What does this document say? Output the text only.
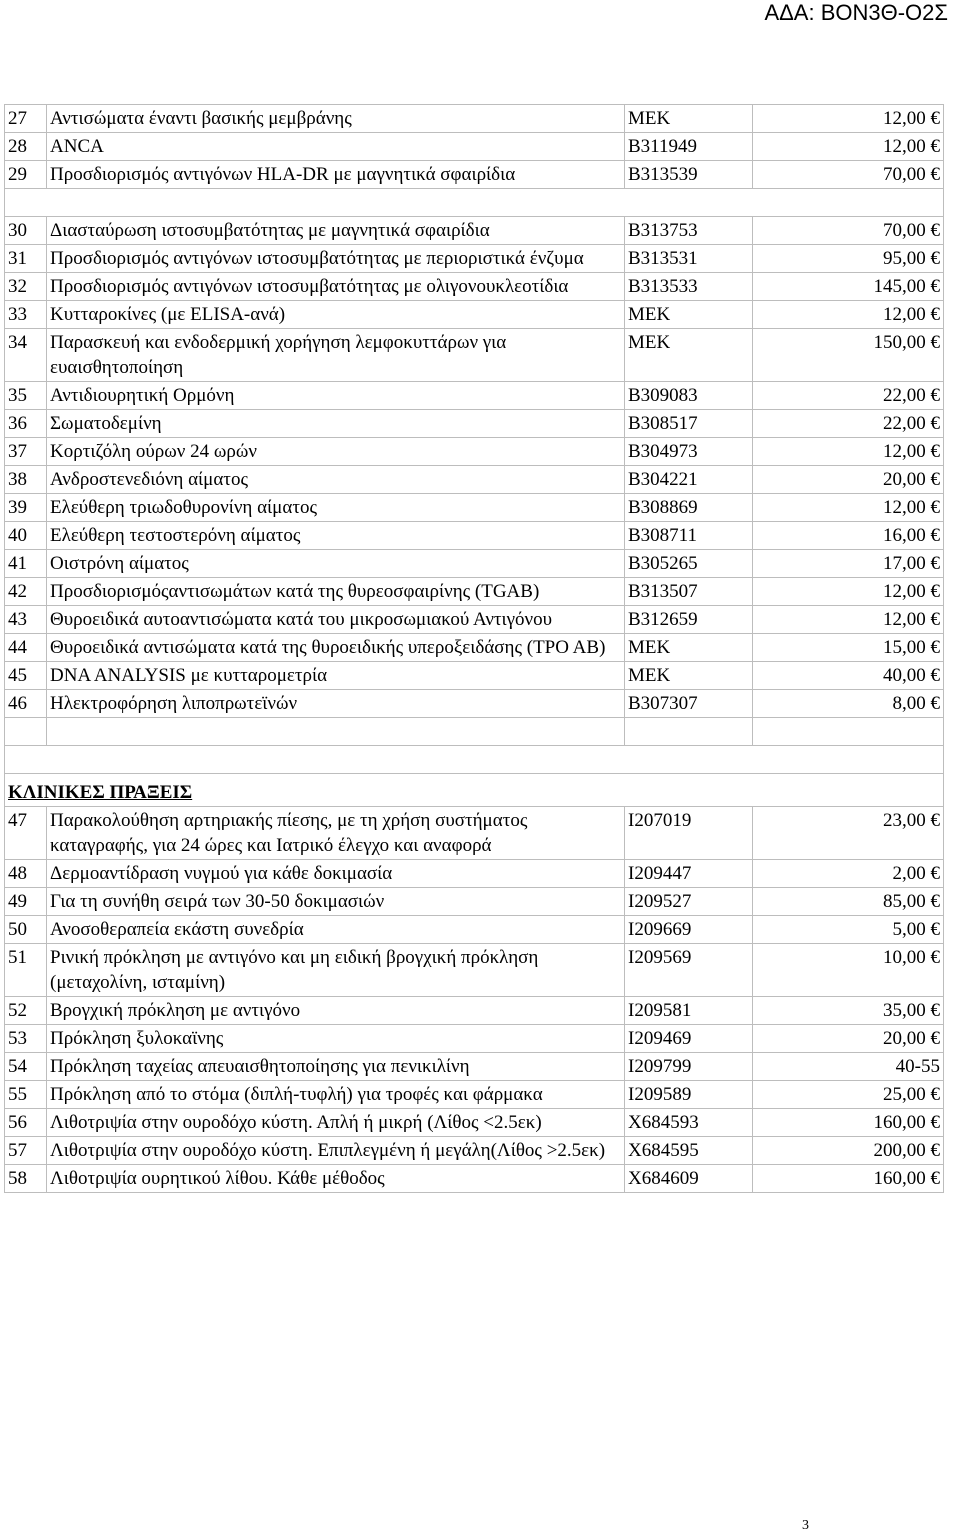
ΑΔΑ: ΒΟΝ3Θ-Ο2Σ
27	Αντισώματα έναντι βασικής μεμβράνης	ΜΕΚ	12,00 €
28	ANCA	Β311949	12,00 €
29	Προσδιορισμός αντιγόνων HLA-DR με μαγνητικά σφαιρίδια	Β313539	70,00 €

30	Διασταύρωση ιστοσυμβατότητας με μαγνητικά σφαιρίδια	Β313753	70,00 €
31	Προσδιορισμός αντιγόνων ιστοσυμβατότητας με περιοριστικά ένζυμα	Β313531	95,00 €
32	Προσδιορισμός αντιγόνων ιστοσυμβατότητας με ολιγονουκλεοτίδια	Β313533	145,00 €
33	Κυτταροκίνες (με ELISA-ανά)	ΜΕΚ	12,00 €
34	Παρασκευή και ενδοδερμική χορήγηση λεμφοκυττάρων για ευαισθητοποίηση	ΜΕΚ	150,00 €
35	Αντιδιουρητική Ορμόνη	Β309083	22,00 €
36	Σωματοδεμίνη	Β308517	22,00 €
37	Κορτιζόλη ούρων 24 ωρών	Β304973	12,00 €
38	Ανδροστενεδιόνη αίματος	Β304221	20,00 €
39	Ελεύθερη τριωδοθυρονίνη αίματος	Β308869	12,00 €
40	Ελεύθερη τεστοστερόνη αίματος	Β308711	16,00 €
41	Οιστρόνη αίματος	Β305265	17,00 €
42	Προσδιορισμόςαντισωμάτων κατά της θυρεοσφαιρίνης (TGAB)	Β313507	12,00 €
43	Θυροειδικά αυτοαντισώματα κατά του μικροσωμιακού Αντιγόνου	Β312659	12,00 €
44	Θυροειδικά αντισώματα κατά της θυροειδικής υπεροξειδάσης (TPO AB)	ΜΕΚ	15,00 €
45	DNA ANALYSIS με κυτταρομετρία	ΜΕΚ	40,00 €
46	Ηλεκτροφόρηση λιποπρωτεϊνών	Β307307	8,00 €

ΚΛΙΝΙΚΕΣ ΠΡΑΞΕΙΣ			
47	Παρακολούθηση αρτηριακής πίεσης, με τη χρήση συστήματος καταγραφής, για 24 ώρες και Ιατρικό έλεγχο και αναφορά	Ι207019	23,00 €
48	Δερμοαντίδραση νυγμού για κάθε δοκιμασία	Ι209447	2,00 €
49	Για τη συνήθη σειρά των 30-50 δοκιμασιών	Ι209527	85,00 €
50	Ανοσοθεραπεία εκάστη συνεδρία	Ι209669	5,00 €
51	Ρινική πρόκληση με αντιγόνο και μη ειδική βρογχική πρόκληση (μεταχολίνη, ισταμίνη)	Ι209569	10,00 €
52	Βρογχική πρόκληση με αντιγόνο	Ι209581	35,00 €
53	Πρόκληση ξυλοκαϊνης	Ι209469	20,00 €
54	Πρόκληση ταχείας απευαισθητοποίησης για πενικιλίνη	Ι209799	40-55
55	Πρόκληση από το στόμα (διπλή-τυφλή) για τροφές και φάρμακα	Ι209589	25,00 €
56	Λιθοτριψία στην ουροδόχο κύστη. Απλή ή μικρή (Λίθος <2.5εκ)	Χ684593	160,00 €
57	Λιθοτριψία στην ουροδόχο κύστη. Επιπλεγμένη ή μεγάλη(Λίθος >2.5εκ)	Χ684595	200,00 €
58	Λιθοτριψία ουρητικού λίθου. Κάθε μέθοδος	Χ684609	160,00 €
3
